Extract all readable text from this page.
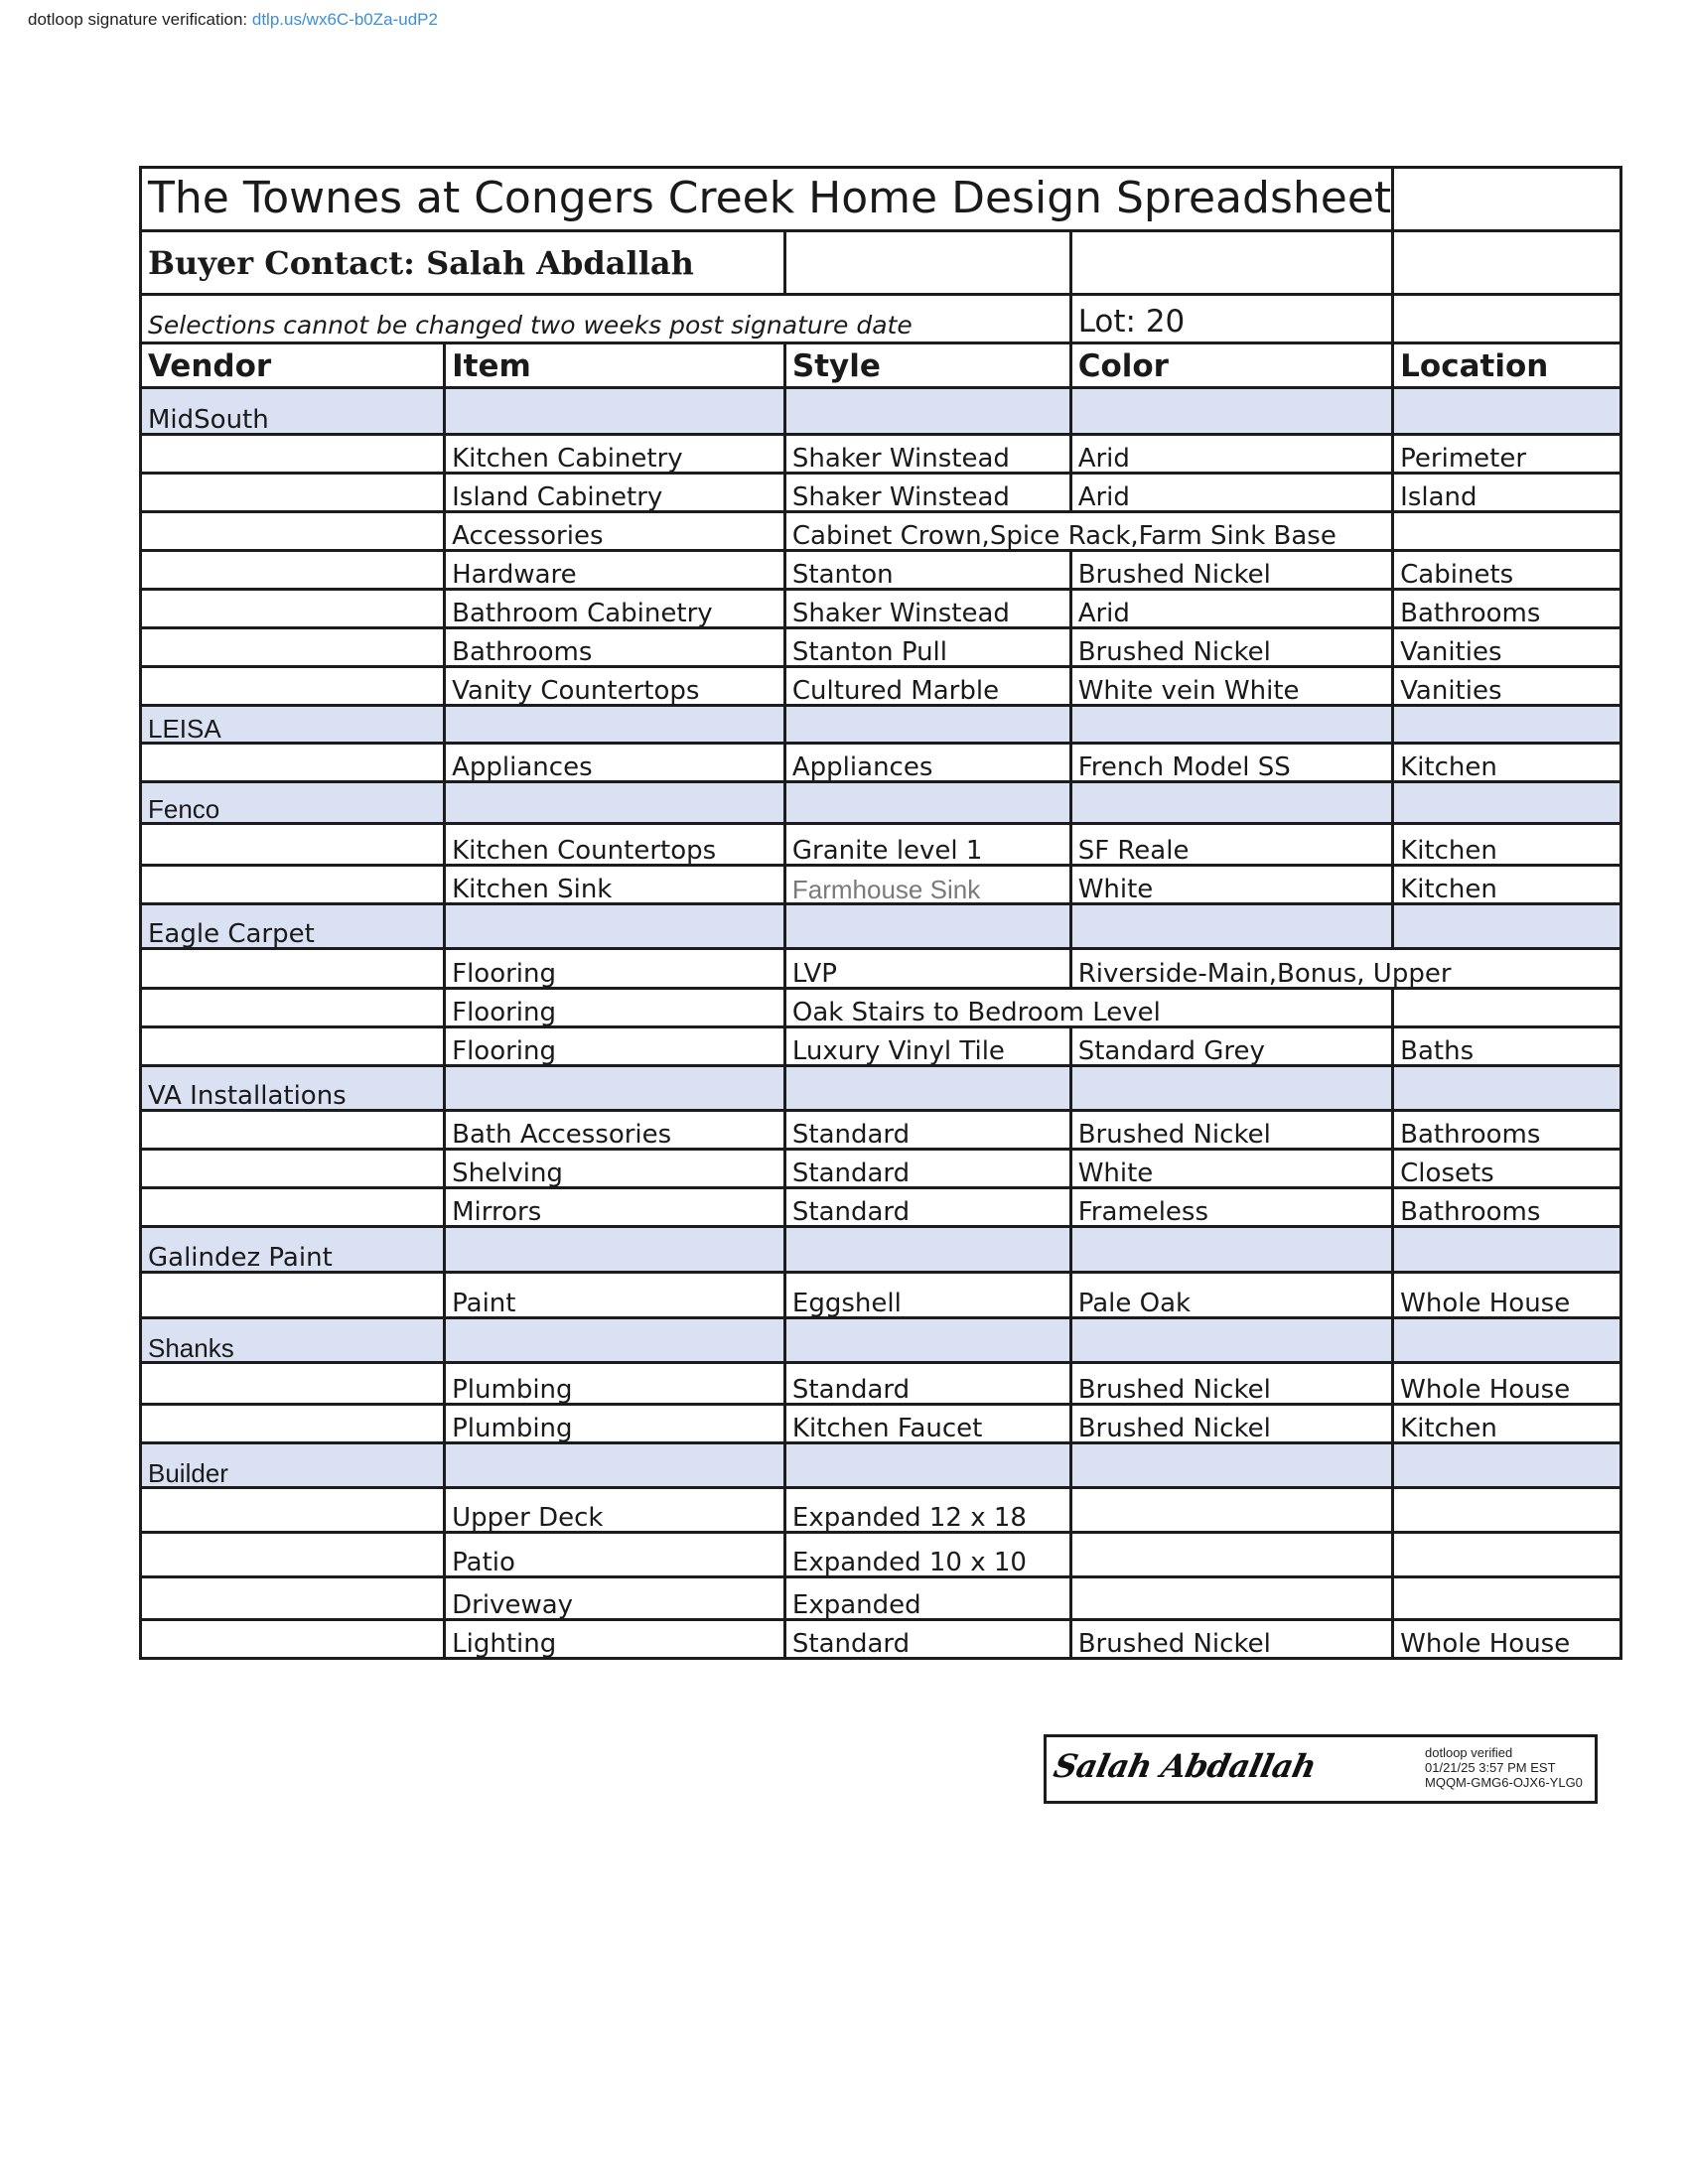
dotloop signature verification: dtlp.us/wx6C-b0Za-udP2
The Townes at Congers Creek Home Design Spreadsheet				
Buyer Contact: Salah Abdallah				
Selections cannot be changed two weeks post signature date			Lot: 20	
Vendor	Item	Style	Color	Location
MidSouth				
	Kitchen Cabinetry	Shaker Winstead	Arid	Perimeter
	Island Cabinetry	Shaker Winstead	Arid	Island
	Accessories	Cabinet Crown,Spice Rack,Farm Sink Base		
	Hardware	Stanton	Brushed Nickel	Cabinets
	Bathroom Cabinetry	Shaker Winstead	Arid	Bathrooms
	Bathrooms	Stanton Pull	Brushed Nickel	Vanities
	Vanity Countertops	Cultured Marble	White vein White	Vanities
LEISA				
	Appliances	Appliances	French Model SS	Kitchen
Fenco				
	Kitchen Countertops	Granite level 1	SF Reale	Kitchen
	Kitchen Sink	Farmhouse Sink	White	Kitchen
Eagle Carpet				
	Flooring	LVP	Riverside-Main,Bonus, Upper	
	Flooring	Oak Stairs to Bedroom Level		
	Flooring	Luxury Vinyl Tile	Standard Grey	Baths
VA Installations				
	Bath Accessories	Standard	Brushed Nickel	Bathrooms
	Shelving	Standard	White	Closets
	Mirrors	Standard	Frameless	Bathrooms
Galindez Paint				
	Paint	Eggshell	Pale Oak	Whole House
Shanks				
	Plumbing	Standard	Brushed Nickel	Whole House
	Plumbing	Kitchen Faucet	Brushed Nickel	Kitchen
Builder				
	Upper Deck	Expanded 12 x 18		
	Patio	Expanded 10 x 10		
	Driveway	Expanded		
	Lighting	Standard	Brushed Nickel	Whole House
Salah Abdallah	dotloop verified
01/21/25 3:57 PM EST
MQQM-GMG6-OJX6-YLG0
